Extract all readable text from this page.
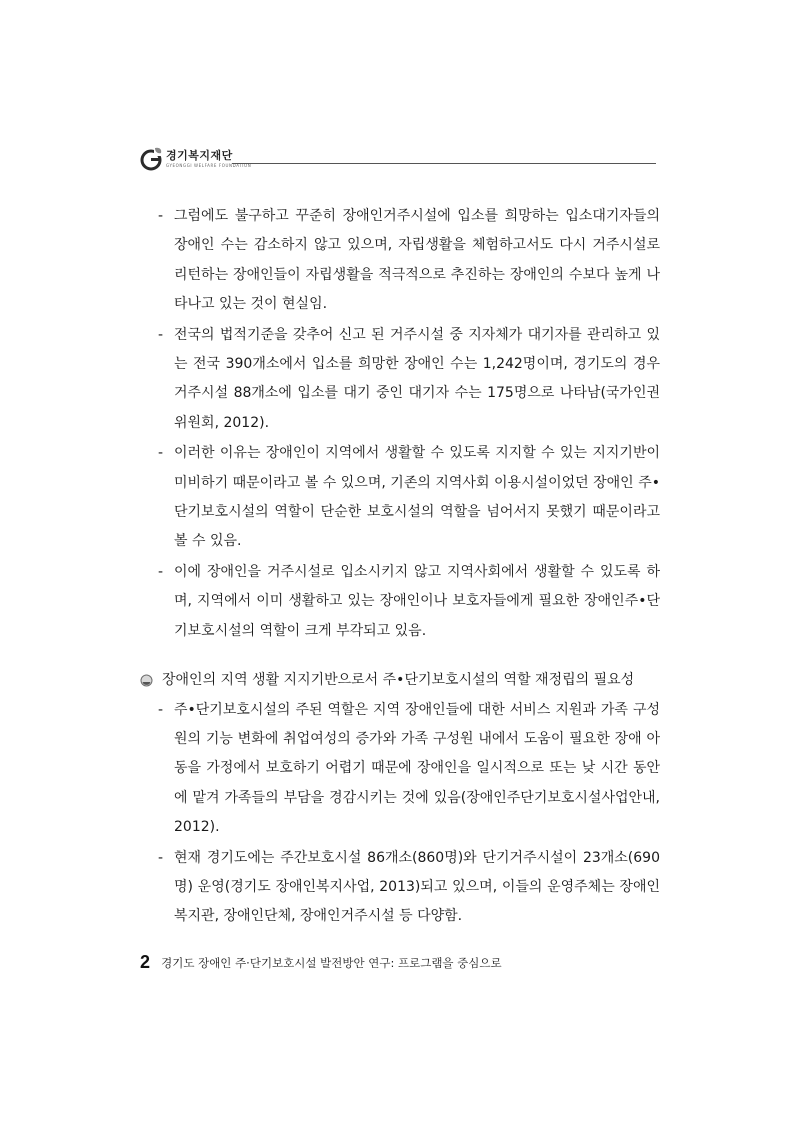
경기복지재단
GYEONGGI WELFARE FOUNDATION

- 그럼에도 불구하고 꾸준히 장애인거주시설에 입소를 희망하는 입소대기자들의 장애인 수는 감소하지 않고 있으며, 자립생활을 체험하고서도 다시 거주시설로 리턴하는 장애인들이 자립생활을 적극적으로 추진하는 장애인의 수보다 높게 나타나고 있는 것이 현실임.

- 전국의 법적기준을 갖추어 신고 된 거주시설 중 지자체가 대기자를 관리하고 있는 전국 390개소에서 입소를 희망한 장애인 수는 1,242명이며, 경기도의 경우 거주시설 88개소에 입소를 대기 중인 대기자 수는 175명으로 나타남(국가인권위원회, 2012).

- 이러한 이유는 장애인이 지역에서 생활할 수 있도록 지지할 수 있는 지지기반이 미비하기 때문이라고 볼 수 있으며, 기존의 지역사회 이용시설이었던 장애인 주•단기보호시설의 역할이 단순한 보호시설의 역할을 넘어서지 못했기 때문이라고 볼 수 있음.

- 이에 장애인을 거주시설로 입소시키지 않고 지역사회에서 생활할 수 있도록 하며, 지역에서 이미 생활하고 있는 장애인이나 보호자들에게 필요한 장애인주•단기보호시설의 역할이 크게 부각되고 있음.

장애인의 지역 생활 지지기반으로서 주•단기보호시설의 역할 재정립의 필요성

- 주•단기보호시설의 주된 역할은 지역 장애인들에 대한 서비스 지원과 가족 구성원의 기능 변화에 취업여성의 증가와 가족 구성원 내에서 도움이 필요한 장애 아동을 가정에서 보호하기 어렵기 때문에 장애인을 일시적으로 또는 낮 시간 동안에 맡겨 가족들의 부담을 경감시키는 것에 있음(장애인주단기보호시설사업안내, 2012).

- 현재 경기도에는 주간보호시설 86개소(860명)와 단기거주시설이 23개소(690명) 운영(경기도 장애인복지사업, 2013)되고 있으며, 이들의 운영주체는 장애인복지관, 장애인단체, 장애인거주시설 등 다양함.

2 경기도 장애인 주·단기보호시설 발전방안 연구: 프로그램을 중심으로
